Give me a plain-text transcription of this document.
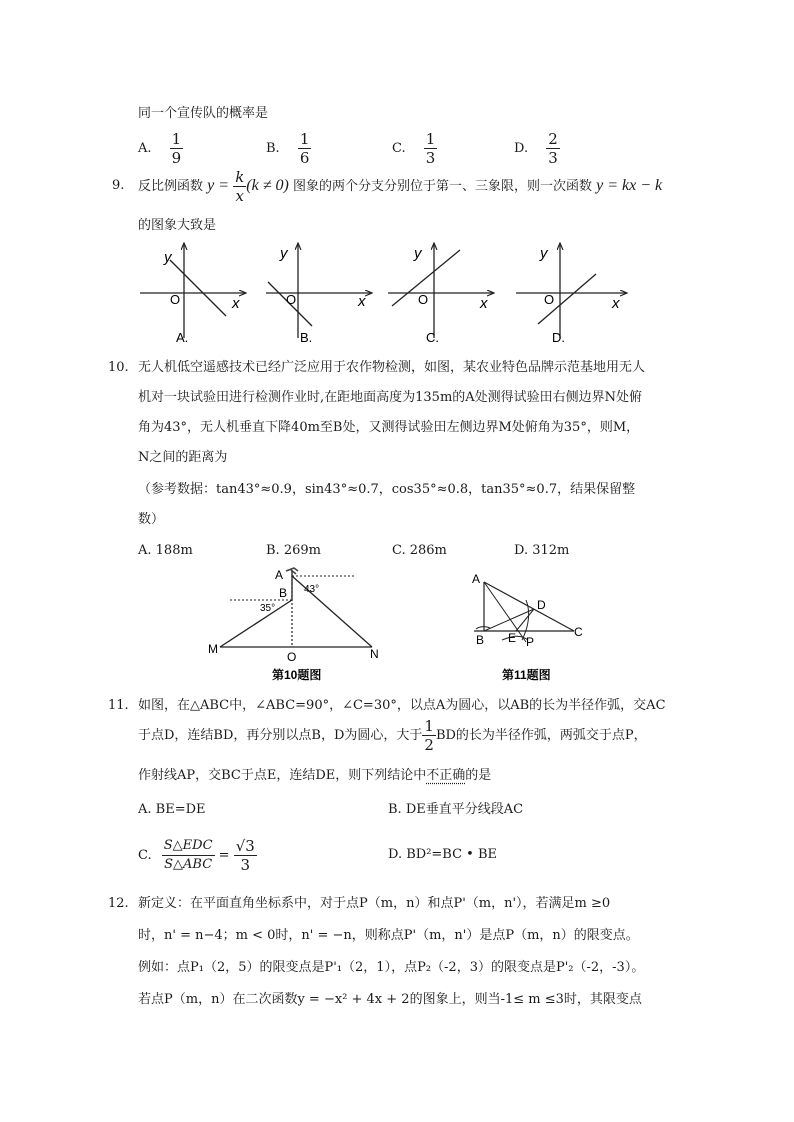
同一个宣传队的概率是
A. $\frac{1}{9}$	B. $\frac{1}{6}$	C. $\frac{1}{3}$	D. $\frac{2}{3}$
9. 反比例函数 $y = \frac{k}{x} (k \ne 0)$ 图象的两个分支分别位于第一、三象限，则一次函数 y = kx − k
的图象大致是
y
x
O
A.
y
x
O
B.
y
x
O
C.
y
x
O
D.
10. 无人机低空遥感技术已经广泛应用于农作物检测，如图，某农业特色品牌示范基地用无人
机对一块试验田进行检测作业时,在距地面高度为135m的A处测得试验田右侧边界N处俯
角为43°，无人机垂直下降40m至B处，又测得试验田左侧边界M处俯角为35°，则M，
N之间的距离为
（参考数据：tan43°≈0.9，sin43°≈0.7，cos35°≈0.8，tan35°≈0.7，结果保留整
数）
A. 188m	B. 269m	C. 286m	D. 312m
A
B 43°
35°
M
O	N
第10题图
A
B
C
D
E P
第11题图
11. 如图，在△ABC中，∠ABC=90°，∠C=30°，以点A为圆心，以AB的长为半径作弧，交AC
于点D，连结BD，再分别以点B，D为圆心，大于 $\frac{1}{2}$ BD的长为半径作弧，两弧交于点P，
作射线AP，交BC于点E，连结DE，则下列结论中不正确的是
A. BE=DE	B. DE垂直平分线段AC
C. $\frac{\text{S△EDC}}{\text{S△ABC}} = \frac{√3}{3}$	D. BD²=BC • BE
12. 新定义：在平面直角坐标系中，对于点P（m，n）和点P'（m，n'），若满足m ≥0
时，n' = n−4；m < 0时，n' = −n，则称点P'（m，n'）是点P（m，n）的限变点。
例如：点P₁（2，5）的限变点是P'₁（2，1），点P₂（-2，3）的限变点是P'₂（-2，-3）。
若点P（m，n）在二次函数y = −x² + 4x + 2的图象上，则当-1≤ m ≤3时，其限变点
